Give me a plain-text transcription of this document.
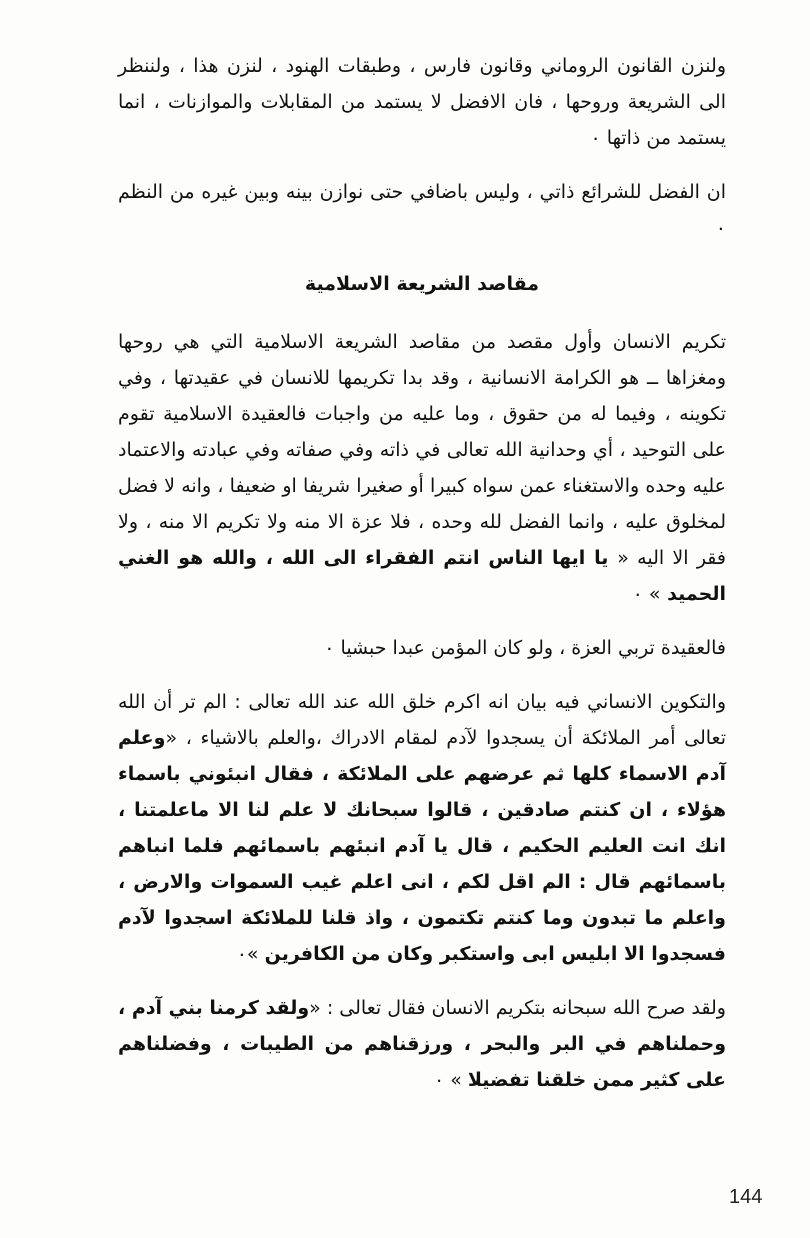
ولنزن القانون الروماني وقانون فارس ، وطبقات الهنود ، لنزن هذا ، ولننظر الى الشريعة وروحها ، فان الافضل لا يستمد من المقابلات والموازنات ، انما يستمد من ذاتها ٠

ان الفضل للشرائع ذاتي ، وليس باضافي حتى نوازن بينه وبين غيره من النظم ٠

مقاصد الشريعة الاسلامية

تكريم الانسان وأول مقصد من مقاصد الشريعة الاسلامية التي هي روحها ومغزاها ــ هو الكرامة الانسانية ، وقد بدا تكريمها للانسان في عقيدتها ، وفي تكوينه ، وفيما له من حقوق ، وما عليه من واجبات فالعقيدة الاسلامية تقوم على التوحيد ، أي وحدانية الله تعالى في ذاته وفي صفاته وفي عبادته والاعتماد عليه وحده والاستغناء عمن سواه كبيرا أو صغيرا شريفا او ضعيفا ، وانه لا فضل لمخلوق عليه ، وانما الفضل لله وحده ، فلا عزة الا منه ولا تكريم الا منه ، ولا فقر الا اليه « يا ايها الناس انتم الفقراء الى الله ، والله هو الغني الحميد » ٠

فالعقيدة تربي العزة ، ولو كان المؤمن عبدا حبشيا ٠

والتكوين الانساني فيه بيان انه اكرم خلق الله عند الله تعالى : الم تر أن الله تعالى أمر الملائكة أن يسجدوا لآدم لمقام الادراك ،والعلم بالاشياء ، «وعلم آدم الاسماء كلها ثم عرضهم على الملائكة ، فقال انبئوني باسماء هؤلاء ، ان كنتم صادقين ، قالوا سبحانك لا علم لنا الا ماعلمتنا ، انك انت العليم الحكيم ، قال يا آدم انبئهم باسمائهم فلما انباهم باسمائهم قال : الم اقل لكم ، انى اعلم غيب السموات والارض ، واعلم ما تبدون وما كنتم تكتمون ، واذ قلنا للملائكة اسجدوا لآدم فسجدوا الا ابليس ابى واستكبر وكان من الكافرين »٠

ولقد صرح الله سبحانه بتكريم الانسان فقال تعالى : «ولقد كرمنا بني آدم ، وحملناهم في البر والبحر ، ورزقناهم من الطيبات ، وفضلناهم على كثير ممن خلقنا تفضيلا » ٠

144
